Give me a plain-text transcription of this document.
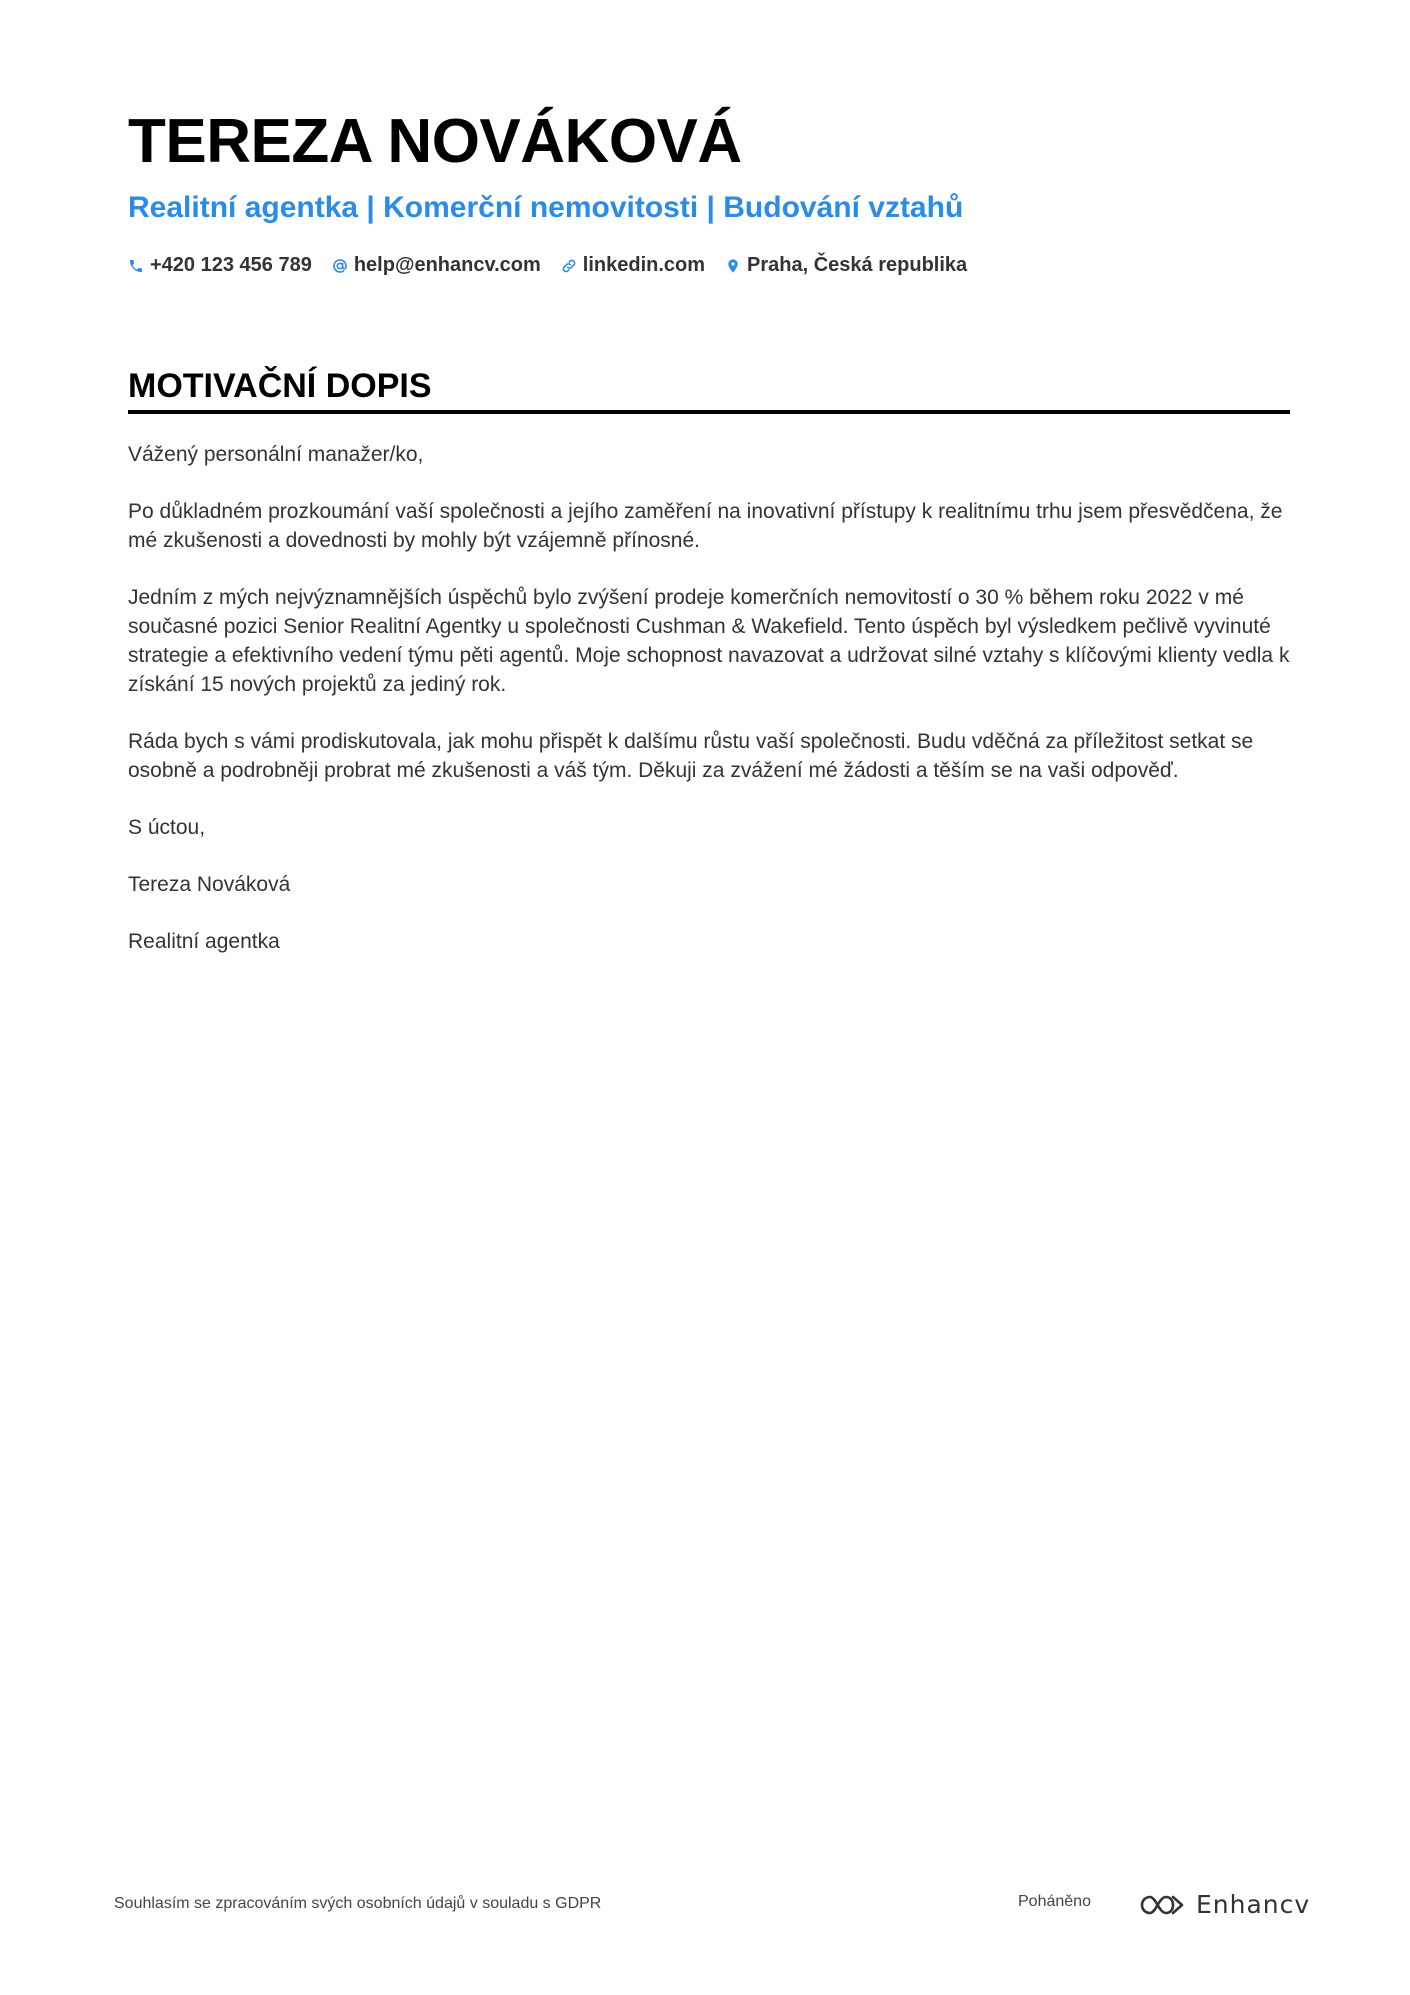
TEREZA NOVÁKOVÁ
Realitní agentka | Komerční nemovitosti | Budování vztahů
+420 123 456 789 help@enhancv.com linkedin.com Praha, Česká republika
MOTIVAČNÍ DOPIS

Vážený personální manažer/ko,

Po důkladném prozkoumání vaší společnosti a jejího zaměření na inovativní přístupy k realitnímu trhu jsem přesvědčena, že mé zkušenosti a dovednosti by mohly být vzájemně přínosné.

Jedním z mých nejvýznamnějších úspěchů bylo zvýšení prodeje komerčních nemovitostí o 30 % během roku 2022 v mé současné pozici Senior Realitní Agentky u společnosti Cushman & Wakefield. Tento úspěch byl výsledkem pečlivě vyvinuté strategie a efektivního vedení týmu pěti agentů. Moje schopnost navazovat a udržovat silné vztahy s klíčovými klienty vedla k získání 15 nových projektů za jediný rok.

Ráda bych s vámi prodiskutovala, jak mohu přispět k dalšímu růstu vaší společnosti. Budu vděčná za příležitost setkat se osobně a podrobněji probrat mé zkušenosti a váš tým. Děkuji za zvážení mé žádosti a těším se na vaši odpověď.

S úctou,

Tereza Nováková

Realitní agentka

Souhlasím se zpracováním svých osobních údajů v souladu s GDPR	Poháněno	Enhancv
